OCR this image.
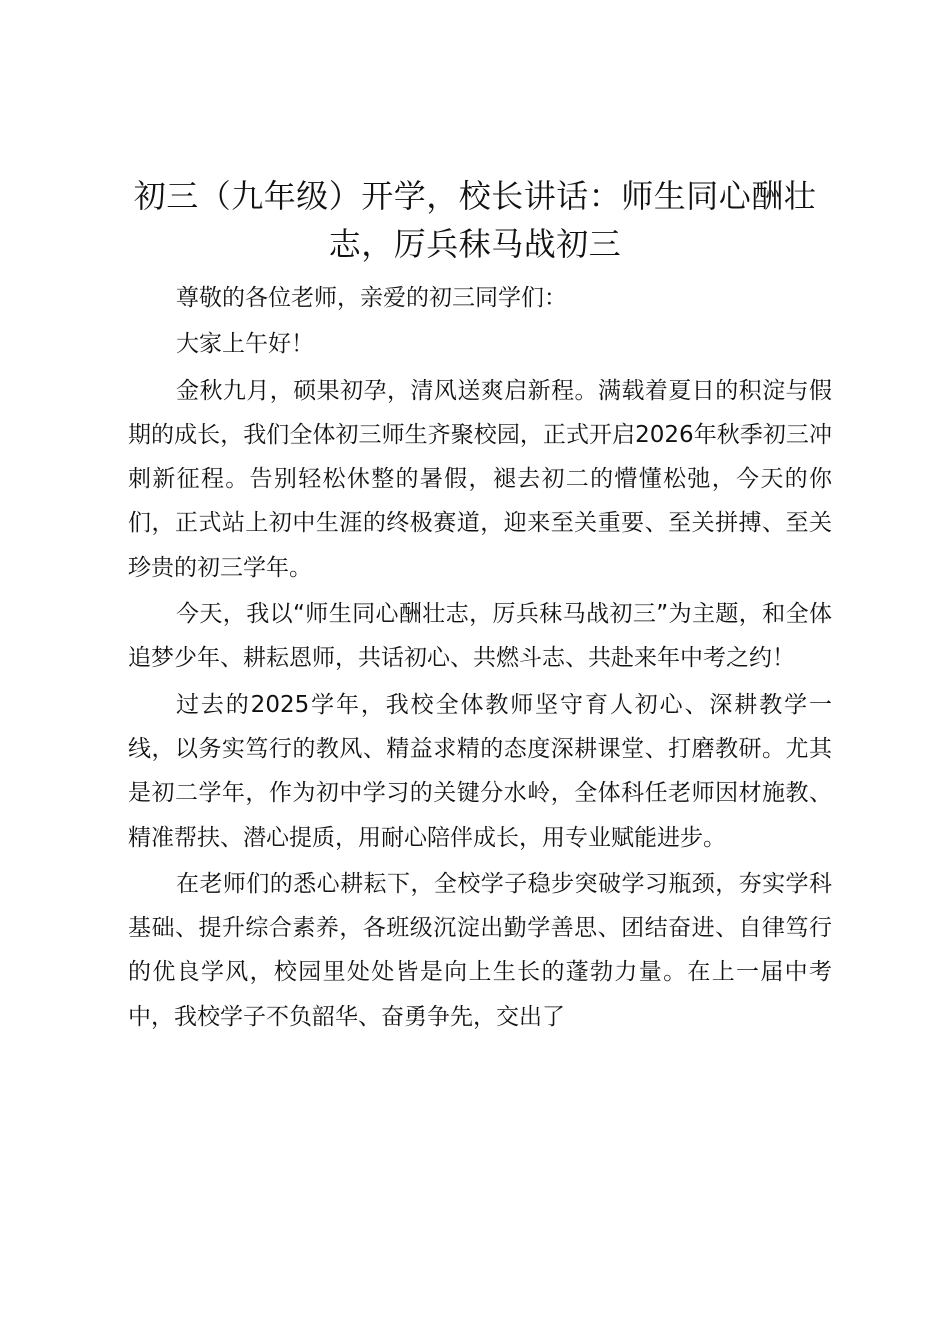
初三（九年级）开学，校长讲话：师生同心酬壮志，厉兵秣马战初三

尊敬的各位老师，亲爱的初三同学们：

大家上午好！

金秋九月，硕果初孕，清风送爽启新程。满载着夏日的积淀与假期的成长，我们全体初三师生齐聚校园，正式开启2026年秋季初三冲刺新征程。告别轻松休整的暑假，褪去初二的懵懂松弛，今天的你们，正式站上初中生涯的终极赛道，迎来至关重要、至关拼搏、至关珍贵的初三学年。

今天，我以“师生同心酬壮志，厉兵秣马战初三”为主题，和全体追梦少年、耕耘恩师，共话初心、共燃斗志、共赴来年中考之约！

过去的2025学年，我校全体教师坚守育人初心、深耕教学一线，以务实笃行的教风、精益求精的态度深耕课堂、打磨教研。尤其是初二学年，作为初中学习的关键分水岭，全体科任老师因材施教、精准帮扶、潜心提质，用耐心陪伴成长，用专业赋能进步。

在老师们的悉心耕耘下，全校学子稳步突破学习瓶颈，夯实学科基础、提升综合素养，各班级沉淀出勤学善思、团结奋进、自律笃行的优良学风，校园里处处皆是向上生长的蓬勃力量。在上一届中考中，我校学子不负韶华、奋勇争先，交出了
